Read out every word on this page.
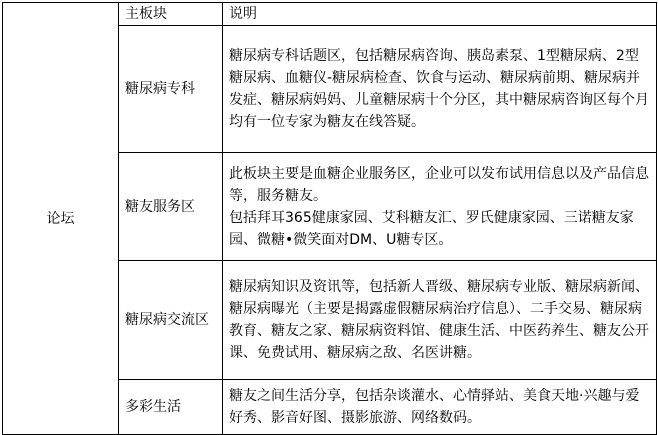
论坛	主板块	说明
	糖尿病专科	糖尿病专科话题区，包括糖尿病咨询、胰岛素泵、1型糖尿病、2型糖尿病、血糖仪-糖尿病检查、饮食与运动、糖尿病前期、糖尿病并发症、糖尿病妈妈、儿童糖尿病十个分区，其中糖尿病咨询区每个月均有一位专家为糖友在线答疑。
	糖友服务区	此板块主要是血糖企业服务区，企业可以发布试用信息以及产品信息等，服务糖友。
包括拜耳365健康家园、艾科糖友汇、罗氏健康家园、三诺糖友家园、微糖•微笑面对DM、U糖专区。

	糖尿病交流区	糖尿病知识及资讯等，包括新人晋级、糖尿病专业版、糖尿病新闻、糖尿病曝光（主要是揭露虚假糖尿病治疗信息）、二手交易、糖尿病教育、糖友之家、糖尿病资料馆、健康生活、中医药养生、糖友公开课、免费试用、糖尿病之敌、名医讲糖。
	多彩生活	糖友之间生活分享，包括杂谈灌水、心情驿站、美食天地·兴趣与爱好秀、影音好图、摄影旅游、网络数码。
